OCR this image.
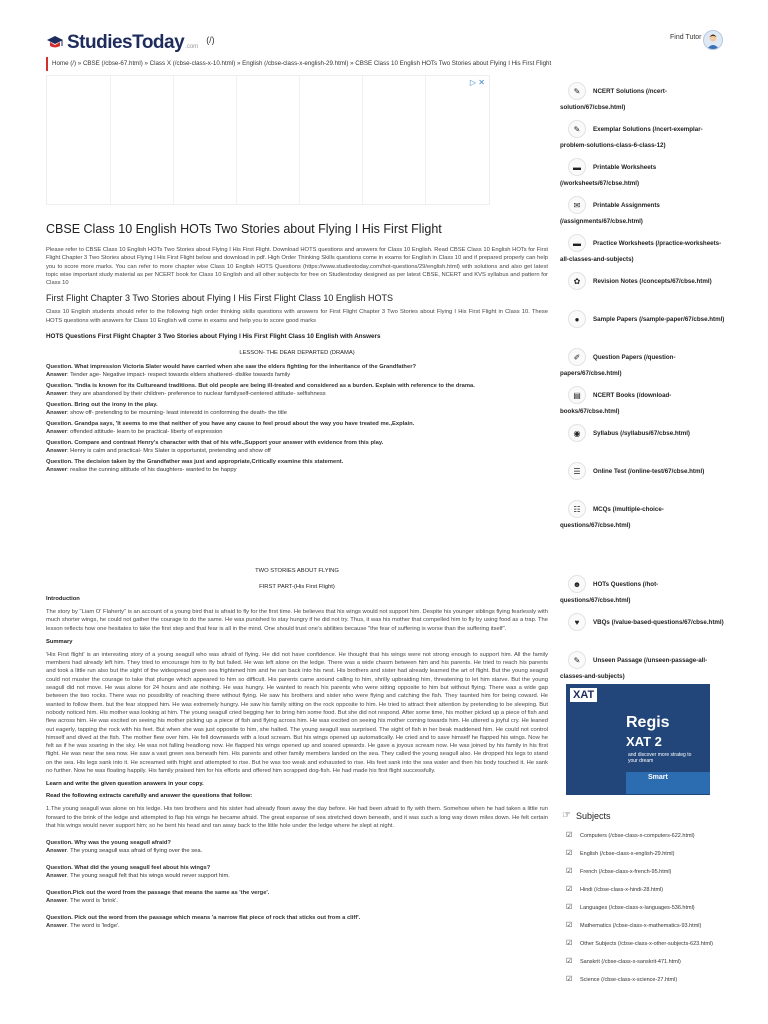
StudiesToday .com
(/)	Find Tutor
Home (/) » CBSE (/cbse-67.html) » Class X (/cbse-class-x-10.html) » English (/cbse-class-x-english-29.html) » CBSE Class 10 English HOTs Two Stories about Flying I His First Flight
▷ ✕
CBSE Class 10 English HOTs Two Stories about Flying I His First Flight

Please refer to CBSE Class 10 English HOTs Two Stories about Flying I His First Flight. Download HOTS questions and answers for Class 10 English. Read CBSE Class 10 English HOTs for First Flight Chapter 3 Two Stories about Flying I His First Flight below and download in pdf. High Order Thinking Skills questions come in exams for English in Class 10 and if prepared properly can help you to score more marks. You can refer to more chapter wise Class 10 English HOTS Questions (https://www.studiestoday.com/hot-questions/29/english.html) with solutions and also get latest topic wise important study material as per NCERT book for Class 10 English and all other subjects for free on Studiestoday designed as per latest CBSE, NCERT and KVS syllabus and pattern for Class 10

First Flight Chapter 3 Two Stories about Flying I His First Flight Class 10 English HOTS

Class 10 English students should refer to the following high order thinking skills questions with answers for First Flight Chapter 3 Two Stories about Flying I His First Flight in Class 10. These HOTS questions with answers for Class 10 English will come in exams and help you to score good marks

HOTS Questions First Flight Chapter 3 Two Stories about Flying I His First Flight Class 10 English with Answers
LESSON- THE DEAR DEPARTED (DRAMA)
Question. What impression Victoria Slater would have carried when she saw the elders fighting for the inheritance of the Grandfather?
Answer: Tender age- Negative impact- respect towards elders shattered- dislike towards family
Question. "India is known for its Cultureand traditions. But old people are being ill-treated and considered as a burden. Explain with reference to the drama.
Answer: they are abandoned by their children- preference to nuclear familyself-centered attitude- selfishness
Question. Bring out the irony in the play.
Answer: show off- pretending to be mourning- least interestd in conforming the death- the title
Question. Grandpa says, 'It seems to me that neither of you have any cause to feel proud about the way you have treated me.,Explain.
Answer: offended attitude- learn to be practical- liberty of expression
Question. Compare and contrast Henry's character with that of his wife.,Support your answer with evidence from this play.
Answer: Henry is calm and practical- Mrs Slater is opportunist, pretending and show off
Question. The decision taken by the Grandfather was just and appropriate,Critically examine this statement.
Answer: realise the cunning attitude of his daughters- wanted to be happy
TWO STORIES ABOUT FLYING
FIRST PART-(His First Flight)
Introduction

The story by "Liam O' Flaherty" is an account of a young bird that is afraid to fly for the first time. He believes that his wings would not support him. Despite his younger siblings flying fearlessly with much shorter wings, he could not gather the courage to do the same. He was punished to stay hungry if he did not try. Thus, it was his mother that compelled him to fly by using food as a trap. The lesson reflects how one hesitates to take the first step and that fear is all in the mind. One should trust one's abilities because "the fear of suffering is worse than the suffering itself".

Summary

'His First flight' is an interesting story of a young seagull who was afraid of flying. He did not have confidence. He thought that his wings were not strong enough to support him. All the family members had already left him. They tried to encourage him to fly but failed. He was left alone on the ledge. There was a wide chasm between him and his parents. He tried to reach his parents and took a little run also but the sight of the widespread green sea frightened him and he ran back into his nest. His brothers and sister had already learned the art of flight. But the young seagull could not muster the courage to take that plunge which appeared to him so difficult. His parents came around calling to him, shrilly upbraiding him, threatening to let him starve. But the young seagull did not move. He was alone for 24 hours and ate nothing. He was hungry. He wanted to reach his parents who were sitting opposite to him but without flying. There was a wide gap between the two rocks. There was no possibility of reaching there without flying. He saw his brothers and sister who were flying and catching the fish. They taunted him for being coward. He wanted to follow them. but the fear stopped him. He was extremely hungry. He saw his family sitting on the rock opposite to him. He tried to attract their attention by pretending to be sleeping. But nobody noticed him. His mother was looking at him. The young seagull cried begging her to bring him some food. But she did not respond. After some time, his mother picked up a piece of fish and flew across him. He was excited on seeing his mother picking up a piece of fish and flying across him. He was excited on seeing his mother coming towards him. He uttered a joyful cry. He leaned out eagerly, tapping the rock with his feet. But when she was just opposite to him, she halted. The young seagull was surprised. The sight of fish in her beak maddened him. He could not control himself and dived at the fish. The mother flew over him. He fell downwards with a loud scream. But his wings opened up automatically. He cried and to save himself he flapped his wings. Now he felt as if he was soaring in the sky. He was not falling headlong now. He flapped his wings opened up and soared upwards. He gave a joyous scream now. He was joined by his family in his first flight. He was near the sea now. He saw a vast green sea beneath him. His parents and other family members landed on the sea. They called the young seagull also. He dropped his legs to stand on the sea. His legs sank into it. He screamed with fright and attempted to rise. But he was too weak and exhausted to rise. His feet sank into the sea water and then his body touched it. He sank no further. Now he was floating happily. His family praised him for his efforts and offered him scrapped dog-fish. He had made his first flight successfully.

Learn and write the given question answers in your copy.
Read the following extracts carefully and answer the questions that follow:

1.The young seagull was alone on his ledge. His two brothers and his sister had already flown away the day before. He had been afraid to fly with them. Somehow when he had taken a little run forward to the brink of the ledge and attempted to flap his wings he became afraid. The great expanse of sea stretched down beneath, and it was such a long way down miles down. He felt certain that his wings would never support him; so he bent his head and ran away back to the little hole under the ledge where he slept at night.

Question. Why was the young seagull afraid?
Answer. The young seagull was afraid of flying over the sea.
Question. What did the young seagull feel about his wings?
Answer. The young seagull felt that his wings would never support him.
Question.Pick out the word from the passage that means the same as 'the verge'.
Answer. The word is 'brink'.
Question. Pick out the word from the passage which means 'a narrow flat piece of rock that sticks out from a cliff'.
Answer. The word is 'ledge'.
✎	NCERT Solutions (/ncert-solution/67/cbse.html)
✎	Exemplar Solutions (/ncert-exemplar-problem-solutions-class-6-class-12)
▬	Printable Worksheets (/worksheets/67/cbse.html)
✉	Printable Assignments (/assignments/67/cbse.html)
▬	Practice Worksheets (/practice-worksheets-all-classes-and-subjects)
✿	Revision Notes (/concepts/67/cbse.html)
●	Sample Papers (/sample-paper/67/cbse.html)
✐	Question Papers (/question-papers/67/cbse.html)
▤	NCERT Books (/download-books/67/cbse.html)
◉	Syllabus (/syllabus/67/cbse.html)
☰	Online Test (/online-test/67/cbse.html)
☷	MCQs (/multiple-choice-questions/67/cbse.html)
☻	HOTs Questions (/hot-questions/67/cbse.html)
♥	VBQs (/value-based-questions/67/cbse.html)
✎	Unseen Passage (/unseen-passage-all-classes-and-subjects)
XAT
Regis
XAT 2
and discover more strateg to your dream
Smart
☞ Subjects
☑ Computers (/cbse-class-x-computers-622.html)
☑ English (/cbse-class-x-english-29.html)
☑ French (/cbse-class-x-french-95.html)
☑ Hindi (/cbse-class-x-hindi-28.html)
☑ Languages (/cbse-class-x-languages-536.html)
☑ Mathematics (/cbse-class-x-mathematics-93.html)
☑ Other Subjects (/cbse-class-x-other-subjects-623.html)
☑ Sanskrit (/cbse-class-x-sanskrit-471.html)
☑ Science (/cbse-class-x-science-27.html)
